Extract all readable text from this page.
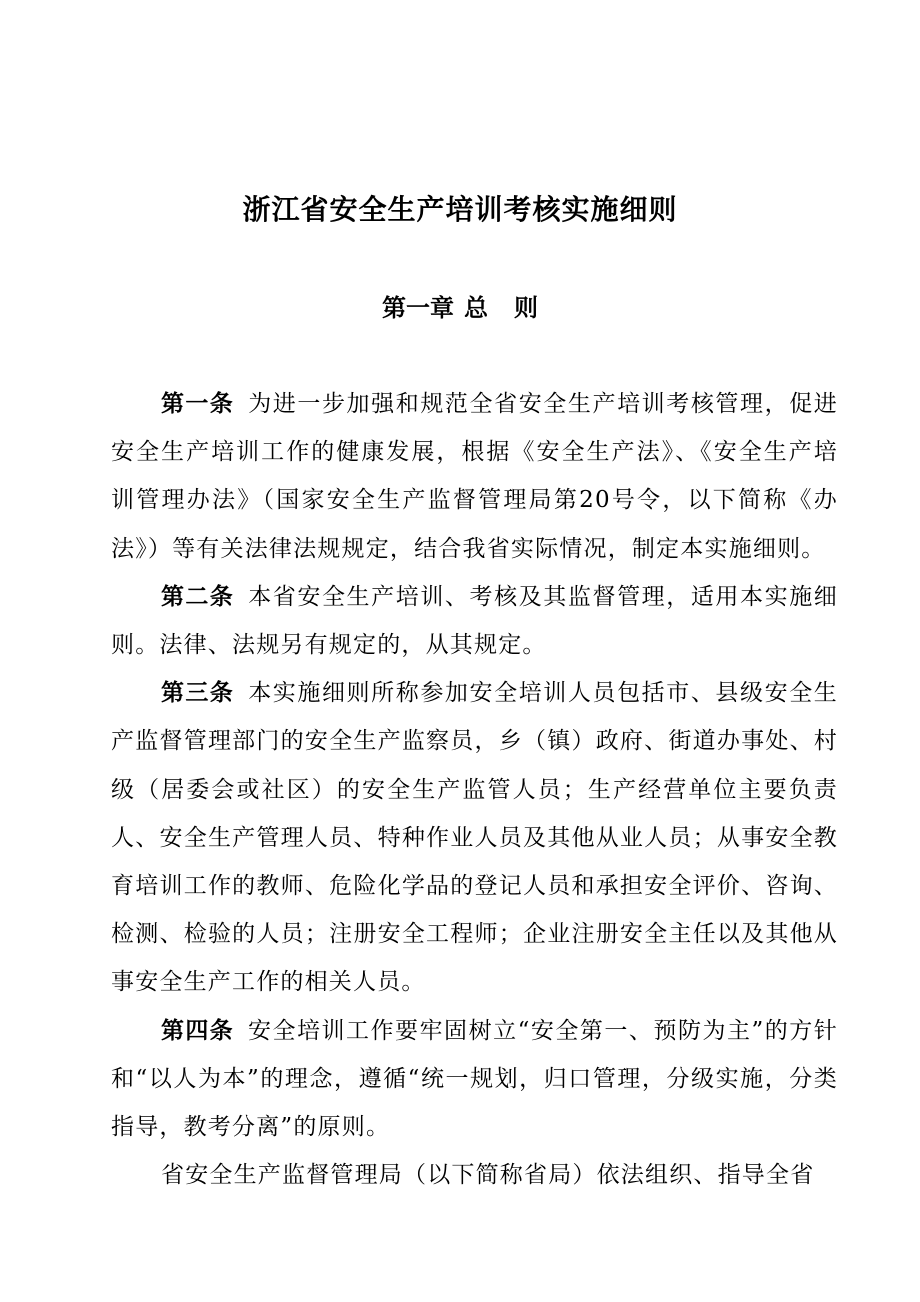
浙江省安全生产培训考核实施细则
第一章 总 则

第一条 为进一步加强和规范全省安全生产培训考核管理，促进安全生产培训工作的健康发展，根据《安全生产法》、《安全生产培训管理办法》（国家安全生产监督管理局第20号令，以下简称《办法》）等有关法律法规规定，结合我省实际情况，制定本实施细则。

第二条 本省安全生产培训、考核及其监督管理，适用本实施细则。法律、法规另有规定的，从其规定。

第三条 本实施细则所称参加安全培训人员包括市、县级安全生产监督管理部门的安全生产监察员，乡（镇）政府、街道办事处、村级（居委会或社区）的安全生产监管人员；生产经营单位主要负责人、安全生产管理人员、特种作业人员及其他从业人员；从事安全教育培训工作的教师、危险化学品的登记人员和承担安全评价、咨询、检测、检验的人员；注册安全工程师；企业注册安全主任以及其他从事安全生产工作的相关人员。

第四条 安全培训工作要牢固树立“安全第一、预防为主”的方针和“以人为本”的理念，遵循“统一规划，归口管理，分级实施，分类指导，教考分离”的原则。

省安全生产监督管理局（以下简称省局）依法组织、指导全省
